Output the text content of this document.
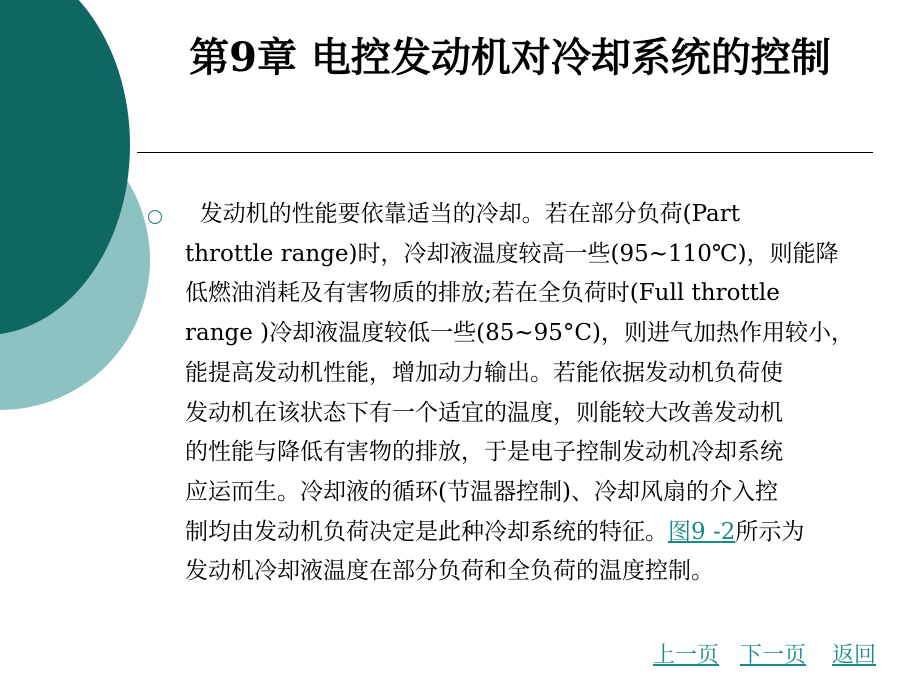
第9章 电控发动机对冷却系统的控制
发动机的性能要依靠适当的冷却。若在部分负荷(Part
throttle range)时，冷却液温度较高一些(95~110℃)，则能降
低燃油消耗及有害物质的排放;若在全负荷时(Full throttle
range )冷却液温度较低一些(85~95°C)，则进气加热作用较小，
能提高发动机性能，增加动力输出。若能依据发动机负荷使
发动机在该状态下有一个适宜的温度，则能较大改善发动机
的性能与降低有害物的排放，于是电子控制发动机冷却系统
应运而生。冷却液的循环(节温器控制)、冷却风扇的介入控
制均由发动机负荷决定是此种冷却系统的特征。图9 -2所示为
发动机冷却液温度在部分负荷和全负荷的温度控制。
上一页 下一页 返回
